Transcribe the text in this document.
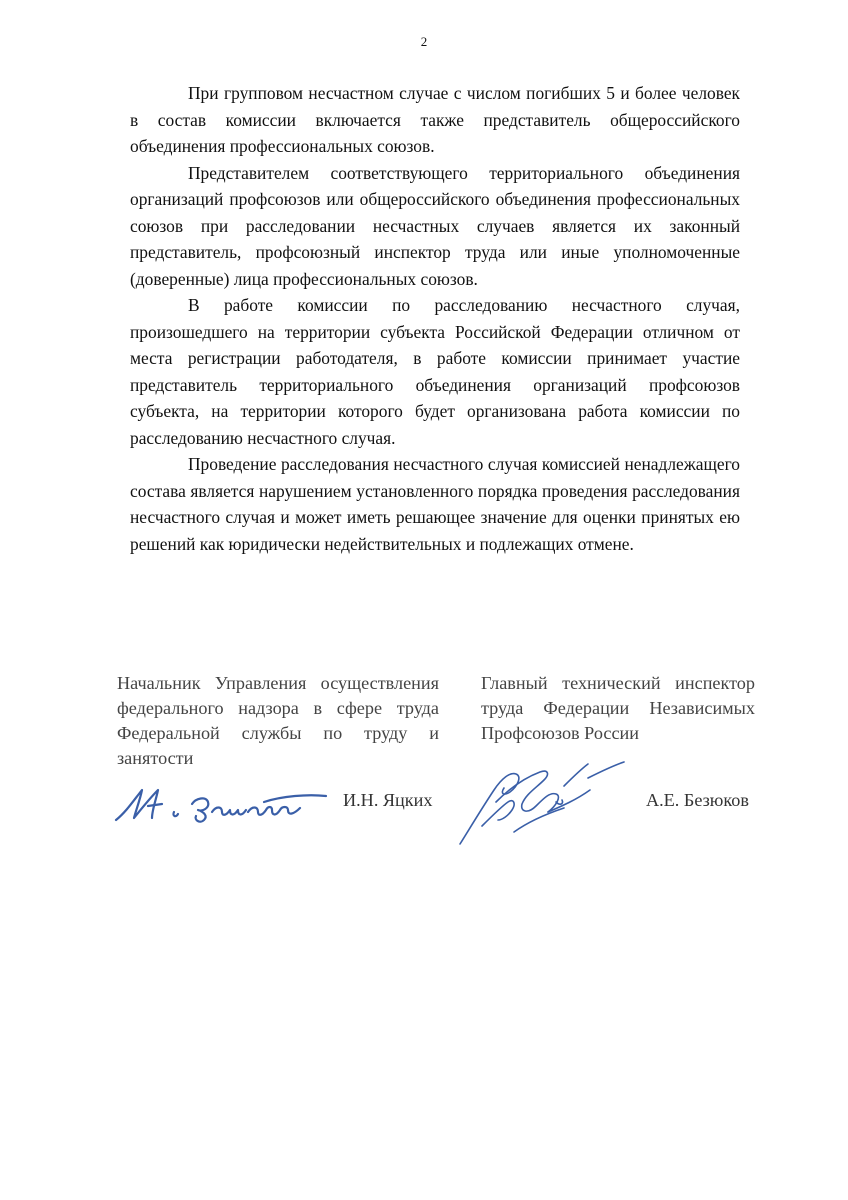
2

При групповом несчастном случае с числом погибших 5 и более человек в состав комиссии включается также представитель общероссийского объединения профессиональных союзов.

Представителем соответствующего территориального объединения организаций профсоюзов или общероссийского объединения профессиональных союзов при расследовании несчастных случаев является их законный представитель, профсоюзный инспектор труда или иные уполномоченные (доверенные) лица профессиональных союзов.

В работе комиссии по расследованию несчастного случая, произошедшего на территории субъекта Российской Федерации отличном от места регистрации работодателя, в работе комиссии принимает участие представитель территориального объединения организаций профсоюзов субъекта, на территории которого будет организована работа комиссии по расследованию несчастного случая.

Проведение расследования несчастного случая комиссией ненадлежащего состава является нарушением установленного порядка проведения расследования несчастного случая и может иметь решающее значение для оценки принятых ею решений как юридически недействительных и подлежащих отмене.

Начальник Управления осуществления федерального надзора в сфере труда Федеральной службы по труду и занятости

Главный технический инспектор труда Федерации Независимых Профсоюзов России

И.Н. Яцких	А.Е. Безюков
